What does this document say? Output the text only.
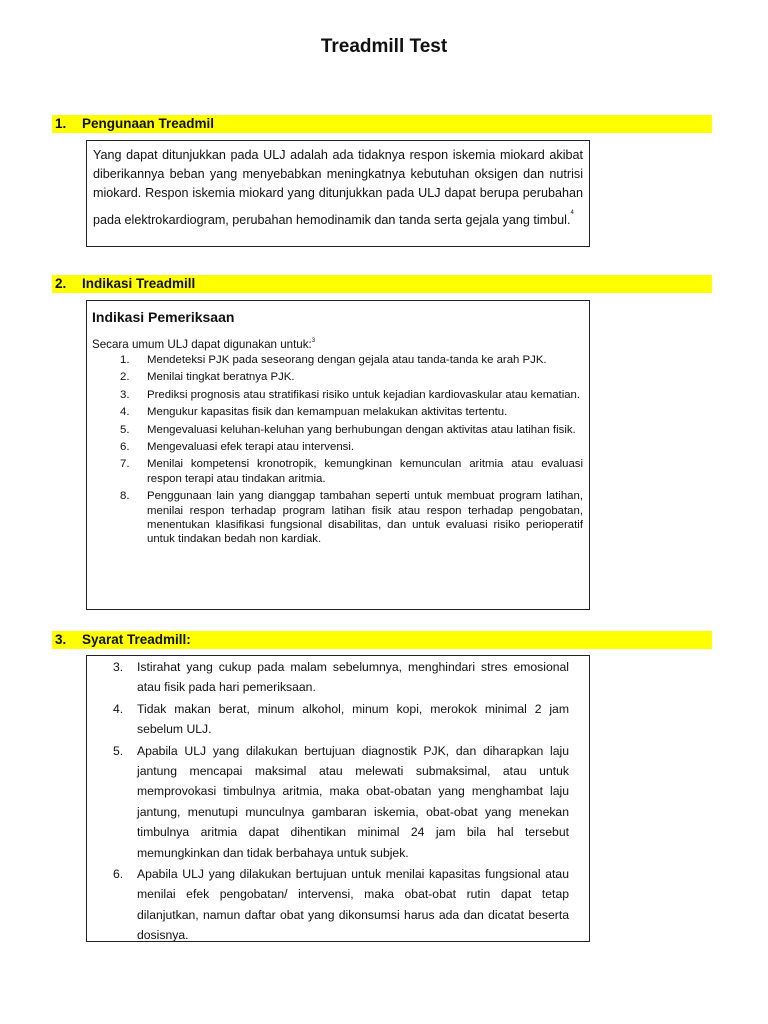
Treadmill Test
1. Pengunaan Treadmil

Yang dapat ditunjukkan pada ULJ adalah ada tidaknya respon iskemia miokard akibat diberikannya beban yang menyebabkan meningkatnya kebutuhan oksigen dan nutrisi miokard. Respon iskemia miokard yang ditunjukkan pada ULJ dapat berupa perubahan pada elektrokardiogram, perubahan hemodinamik dan tanda serta gejala yang timbul.$^4$

2. Indikasi Treadmill
Indikasi Pemeriksaan
Secara umum ULJ dapat digunakan untuk:$^3$
1. Mendeteksi PJK pada seseorang dengan gejala atau tanda-tanda ke arah PJK.
2. Menilai tingkat beratnya PJK.
3. Prediksi prognosis atau stratifikasi risiko untuk kejadian kardiovaskular atau kematian.
4. Mengukur kapasitas fisik dan kemampuan melakukan aktivitas tertentu.
5. Mengevaluasi keluhan-keluhan yang berhubungan dengan aktivitas atau latihan fisik.
6. Mengevaluasi efek terapi atau intervensi.
7. Menilai kompetensi kronotropik, kemungkinan kemunculan aritmia atau evaluasi respon terapi atau tindakan aritmia.
8. Penggunaan lain yang dianggap tambahan seperti untuk membuat program latihan, menilai respon terhadap program latihan fisik atau respon terhadap pengobatan, menentukan klasifikasi fungsional disabilitas, dan untuk evaluasi risiko perioperatif untuk tindakan bedah non kardiak.
3. Syarat Treadmill:
3. Istirahat yang cukup pada malam sebelumnya, menghindari stres emosional atau fisik pada hari pemeriksaan.
4. Tidak makan berat, minum alkohol, minum kopi, merokok minimal 2 jam sebelum ULJ.
5. Apabila ULJ yang dilakukan bertujuan diagnostik PJK, dan diharapkan laju jantung mencapai maksimal atau melewati submaksimal, atau untuk memprovokasi timbulnya aritmia, maka obat-obatan yang menghambat laju jantung, menutupi munculnya gambaran iskemia, obat-obat yang menekan timbulnya aritmia dapat dihentikan minimal 24 jam bila hal tersebut memungkinkan dan tidak berbahaya untuk subjek.
6. Apabila ULJ yang dilakukan bertujuan untuk menilai kapasitas fungsional atau menilai efek pengobatan/ intervensi, maka obat-obat rutin dapat tetap dilanjutkan, namun daftar obat yang dikonsumsi harus ada dan dicatat beserta dosisnya.
